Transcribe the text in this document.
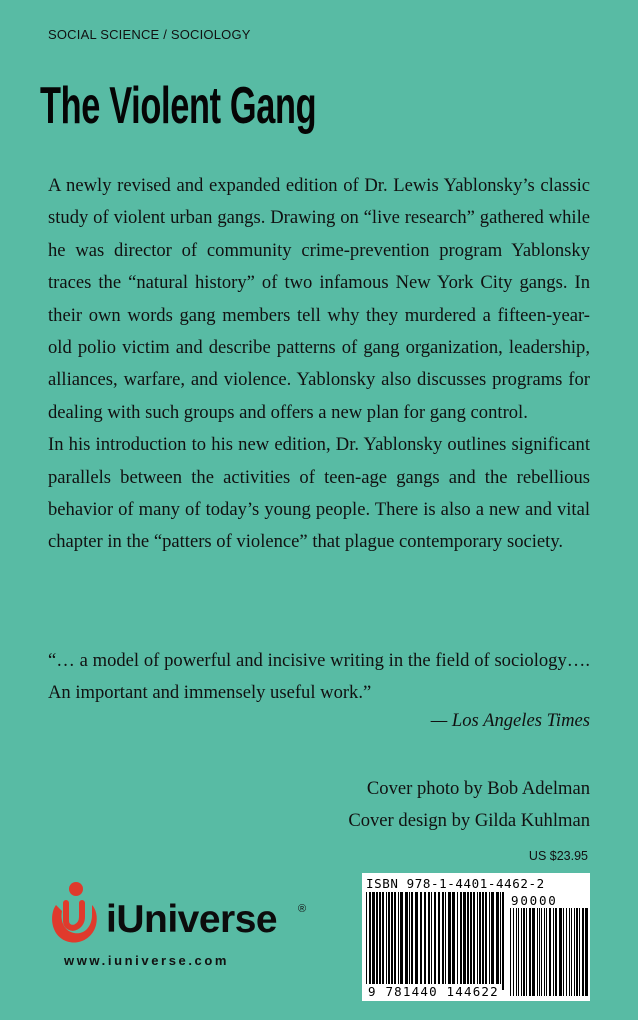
SOCIAL SCIENCE / SOCIOLOGY
The Violent Gang

A newly revised and expanded edition of Dr. Lewis Yablonsky’s classic study of violent urban gangs. Drawing on “live research” gathered while he was director of community crime-prevention program Yablonsky traces the “natural history” of two infamous New York City gangs. In their own words gang members tell why they murdered a fifteen-year-old polio victim and describe patterns of gang organization, leadership, alliances, warfare, and violence. Yablonsky also discusses programs for dealing with such groups and offers a new plan for gang control.

In his introduction to his new edition, Dr. Yablonsky outlines significant parallels between the activities of teen-age gangs and the rebellious behavior of many of today’s young people. There is also a new and vital chapter in the “patters of violence” that plague contemporary society.

“… a model of powerful and incisive writing in the field of sociology…. An important and immensely useful work.”

— Los Angeles Times
Cover photo by Bob Adelman
Cover design by Gilda Kuhlman
US $23.95
iUniverse ®
www.iuniverse.com
ISBN 978-1-4401-4462-2
90000
9 781440 144622
